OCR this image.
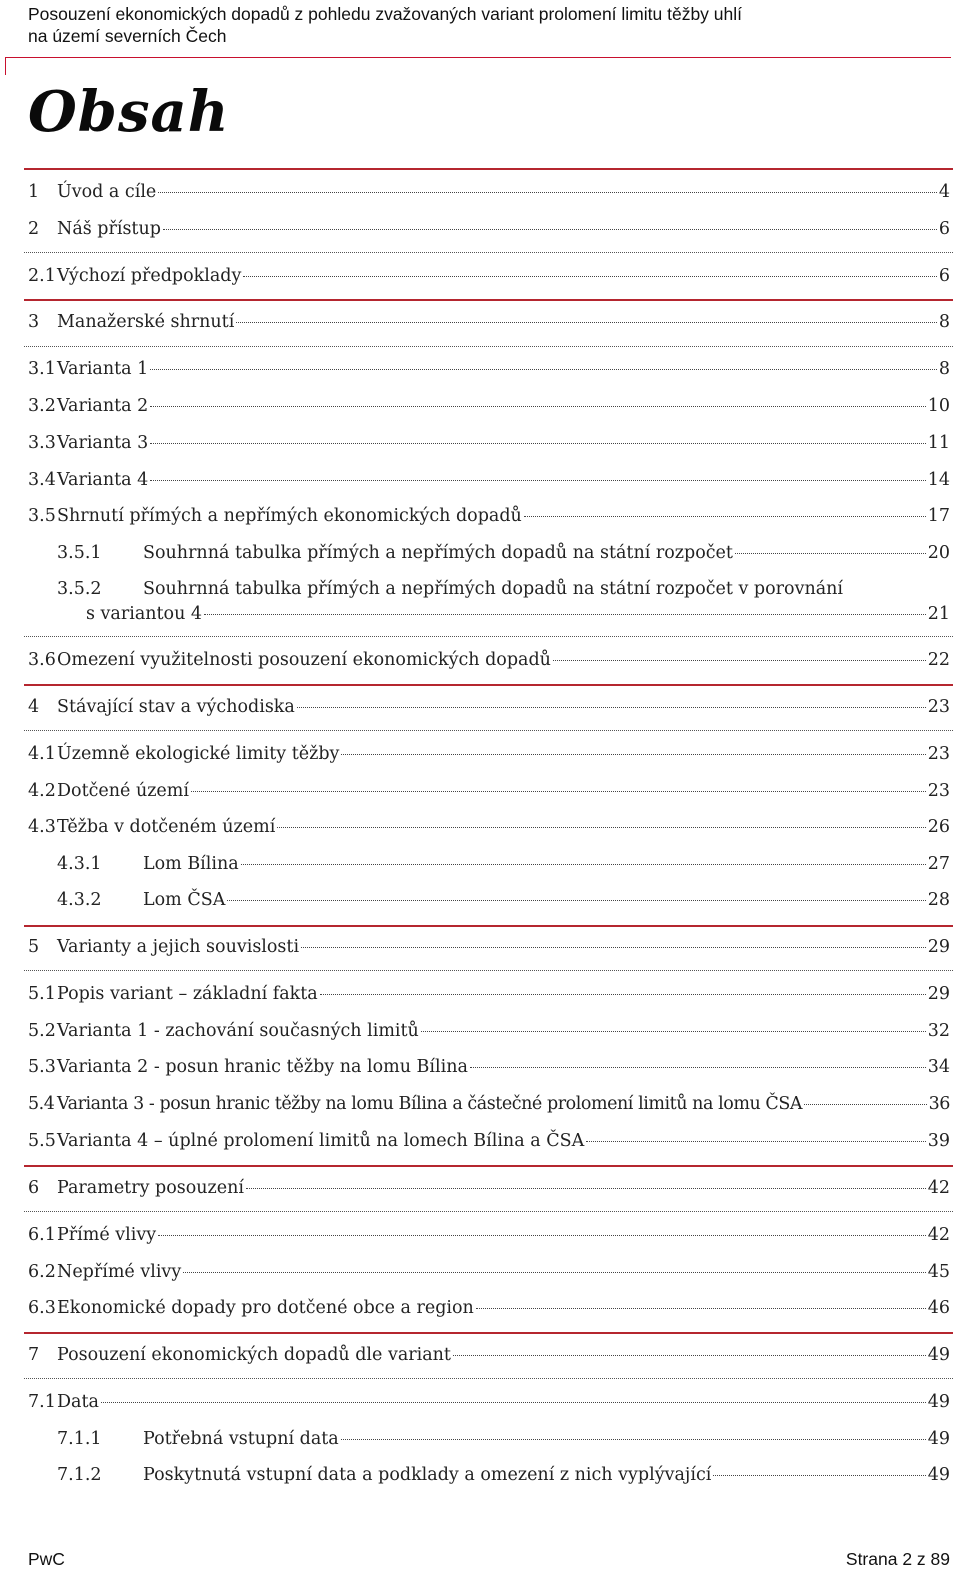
Posouzení ekonomických dopadů z pohledu zvažovaných variant prolomení limitu těžby uhlí
na území severních Čech
Obsah
1	Úvod a cíle	4
2	Náš přístup	6
2.1 Výchozí předpoklady	6
3	Manažerské shrnutí	8
3.1 Varianta 1	8
3.2 Varianta 2	10
3.3 Varianta 3	11
3.4 Varianta 4	14
3.5 Shrnutí přímých a nepřímých ekonomických dopadů	17
3.5.1	Souhrnná tabulka přímých a nepřímých dopadů na státní rozpočet	20
3.5.2	Souhrnná tabulka přímých a nepřímých dopadů na státní rozpočet v porovnání
s variantou 4	21
3.6 Omezení využitelnosti posouzení ekonomických dopadů	22
4	Stávající stav a východiska	23
4.1 Územně ekologické limity těžby	23
4.2 Dotčené území	23
4.3 Těžba v dotčeném území	26
4.3.1	Lom Bílina	27
4.3.2	Lom ČSA	28
5	Varianty a jejich souvislosti	29
5.1 Popis variant – základní fakta	29
5.2 Varianta 1 - zachování současných limitů	32
5.3 Varianta 2 - posun hranic těžby na lomu Bílina	34
5.4 Varianta 3 - posun hranic těžby na lomu Bílina a částečné prolomení limitů na lomu ČSA	36
5.5 Varianta 4 – úplné prolomení limitů na lomech Bílina a ČSA	39
6	Parametry posouzení	42
6.1 Přímé vlivy	42
6.2 Nepřímé vlivy	45
6.3 Ekonomické dopady pro dotčené obce a region	46
7	Posouzení ekonomických dopadů dle variant	49
7.1 Data	49
7.1.1	Potřebná vstupní data	49
7.1.2	Poskytnutá vstupní data a podklady a omezení z nich vyplývající	49
PwC	Strana 2 z 89
